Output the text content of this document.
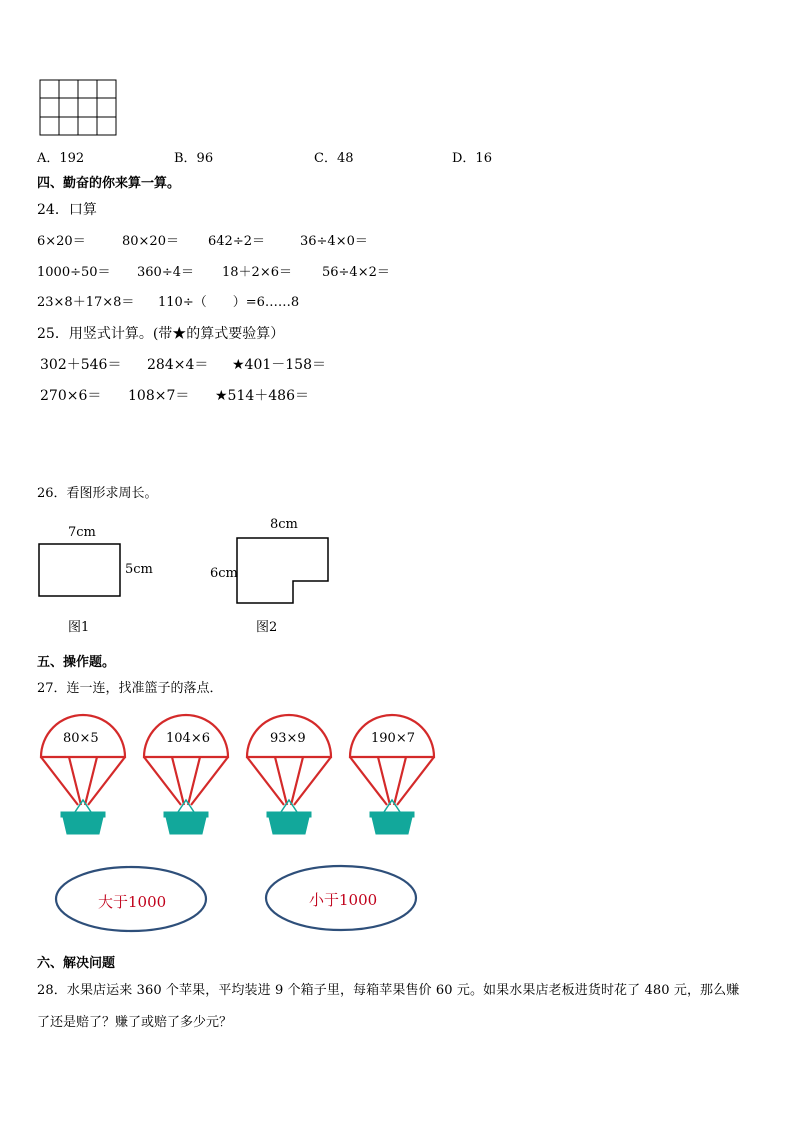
A．192	B．96	C．48	D．16
四、勤奋的你来算一算。
24．口算
6×20＝	80×20＝ 642÷2＝	36÷4×0＝
1000÷50＝ 360÷4＝ 18＋2×6＝ 56÷4×2＝
23×8＋17×8＝ 110÷（　　）=6……8
25．用竖式计算。(带★的算式要验算）
302＋546＝ 284×4＝ ★401－158＝
270×6＝ 108×7＝ ★514＋486＝
26．看图形求周长。
7cm
5cm
图1
8cm
6cm
图2
五、操作题。
27．连一连，找准篮子的落点．
80×5	104×6	93×9	190×7
大于1000	小于1000
六、解决问题
28．水果店运来 360 个苹果，平均装进 9 个箱子里，每箱苹果售价 60 元。如果水果店老板进货时花了 480 元，那么赚
了还是赔了？赚了或赔了多少元？
